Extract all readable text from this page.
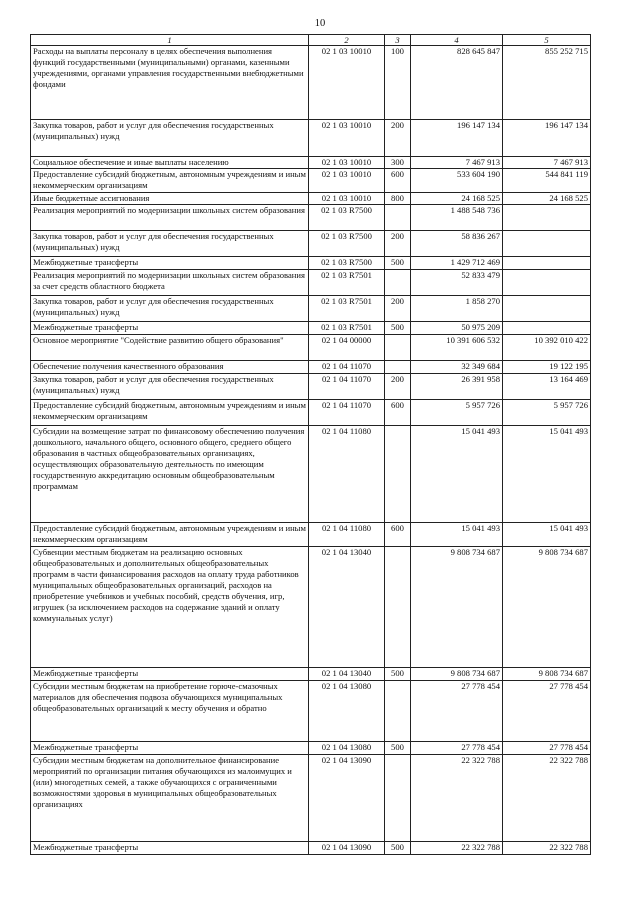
10
1	2	3	4	5
Расходы на выплаты персоналу в целях обеспечения выполнения функций государственными (муниципальными) органами, казенными учреждениями, органами управления государственными внебюджетными фондами	02 1 03 10010	100	828 645 847	855 252 715
Закупка товаров, работ и услуг для обеспечения государственных (муниципальных) нужд	02 1 03 10010	200	196 147 134	196 147 134
Социальное обеспечение и иные выплаты населению	02 1 03 10010	300	7 467 913	7 467 913
Предоставление субсидий бюджетным, автономным учреждениям и иным некоммерческим организациям	02 1 03 10010	600	533 604 190	544 841 119
Иные бюджетные ассигнования	02 1 03 10010	800	24 168 525	24 168 525
Реализация мероприятий по модернизации школьных систем образования	02 1 03 R7500		1 488 548 736	
Закупка товаров, работ и услуг для обеспечения государственных (муниципальных) нужд	02 1 03 R7500	200	58 836 267	
Межбюджетные трансферты	02 1 03 R7500	500	1 429 712 469	
Реализация мероприятий по модернизации школьных систем образования за счет средств областного бюджета	02 1 03 R7501		52 833 479	
Закупка товаров, работ и услуг для обеспечения государственных (муниципальных) нужд	02 1 03 R7501	200	1 858 270	
Межбюджетные трансферты	02 1 03 R7501	500	50 975 209	
Основное мероприятие "Содействие развитию общего образования"	02 1 04 00000		10 391 606 532	10 392 010 422
Обеспечение получения качественного образования	02 1 04 11070		32 349 684	19 122 195
Закупка товаров, работ и услуг для обеспечения государственных (муниципальных) нужд	02 1 04 11070	200	26 391 958	13 164 469
Предоставление субсидий бюджетным, автономным учреждениям и иным некоммерческим организациям	02 1 04 11070	600	5 957 726	5 957 726
Субсидии на возмещение затрат по финансовому обеспечению получения дошкольного, начального общего, основного общего, среднего общего образования в частных общеобразовательных организациях, осуществляющих образовательную деятельность по имеющим государственную аккредитацию основным общеобразовательным программам	02 1 04 11080		15 041 493	15 041 493
Предоставление субсидий бюджетным, автономным учреждениям и иным некоммерческим организациям	02 1 04 11080	600	15 041 493	15 041 493
Субвенции местным бюджетам на реализацию основных общеобразовательных и дополнительных общеобразовательных программ в части финансирования расходов на оплату труда работников муниципальных общеобразовательных организаций, расходов на приобретение учебников и учебных пособий, средств обучения, игр, игрушек (за исключением расходов на содержание зданий и оплату коммунальных услуг)	02 1 04 13040		9 808 734 687	9 808 734 687
Межбюджетные трансферты	02 1 04 13040	500	9 808 734 687	9 808 734 687
Субсидии местным бюджетам на приобретение горюче-смазочных материалов для обеспечения подвоза обучающихся муниципальных общеобразовательных организаций к месту обучения и обратно	02 1 04 13080		27 778 454	27 778 454
Межбюджетные трансферты	02 1 04 13080	500	27 778 454	27 778 454
Субсидии местным бюджетам на дополнительное финансирование мероприятий по организации питания обучающихся из малоимущих и (или) многодетных семей, а также обучающихся с ограниченными возможностями здоровья в муниципальных общеобразовательных организациях	02 1 04 13090		22 322 788	22 322 788
Межбюджетные трансферты	02 1 04 13090	500	22 322 788	22 322 788
